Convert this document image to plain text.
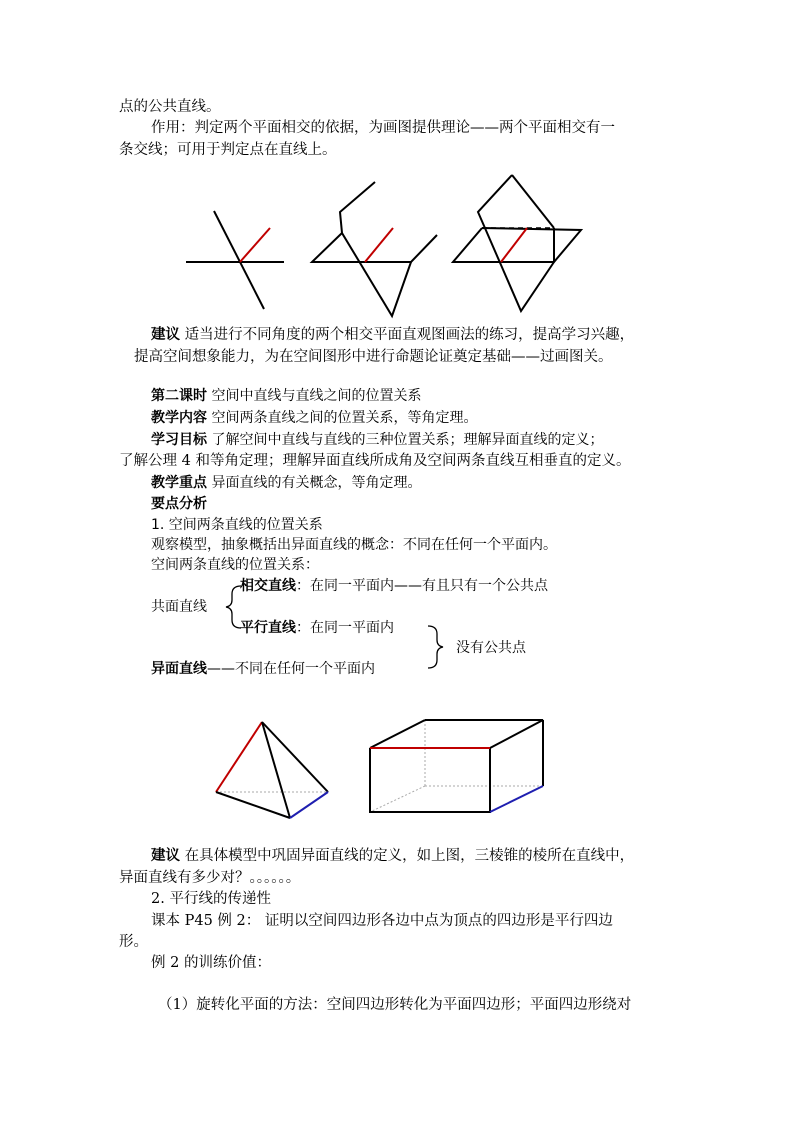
点的公共直线。
作用：判定两个平面相交的依据，为画图提供理论——两个平面相交有一
条交线；可用于判定点在直线上。
建议 适当进行不同角度的两个相交平面直观图画法的练习，提高学习兴趣，
提高空间想象能力，为在空间图形中进行命题论证奠定基础——过画图关。
第二课时 空间中直线与直线之间的位置关系
教学内容 空间两条直线之间的位置关系，等角定理。
学习目标 了解空间中直线与直线的三种位置关系；理解异面直线的定义；
了解公理 4 和等角定理；理解异面直线所成角及空间两条直线互相垂直的定义。
教学重点 异面直线的有关概念，等角定理。
要点分析
1. 空间两条直线的位置关系
观察模型，抽象概括出异面直线的概念：不同在任何一个平面内。
空间两条直线的位置关系：
共面直线
相交直线：在同一平面内——有且只有一个公共点
平行直线：在同一平面内
没有公共点
异面直线——不同在任何一个平面内
建议 在具体模型中巩固异面直线的定义，如上图，三棱锥的棱所在直线中，
异面直线有多少对？。。。。。。
2. 平行线的传递性
课本 P45 例 2： 证明以空间四边形各边中点为顶点的四边形是平行四边
形。
例 2 的训练价值：
（1）旋转化平面的方法：空间四边形转化为平面四边形；平面四边形绕对
